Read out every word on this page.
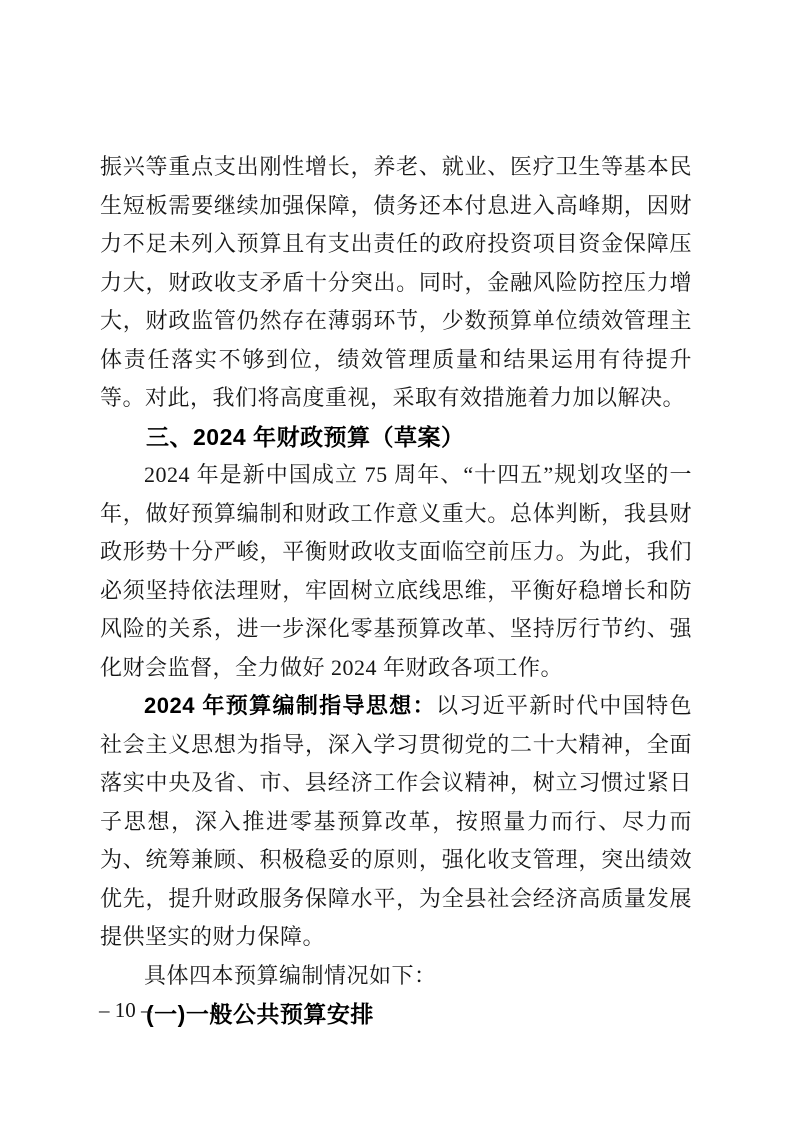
振兴等重点支出刚性增长，养老、就业、医疗卫生等基本民生短板需要继续加强保障，债务还本付息进入高峰期，因财力不足未列入预算且有支出责任的政府投资项目资金保障压力大，财政收支矛盾十分突出。同时，金融风险防控压力增大，财政监管仍然存在薄弱环节，少数预算单位绩效管理主体责任落实不够到位，绩效管理质量和结果运用有待提升等。对此，我们将高度重视，采取有效措施着力加以解决。

三、2024 年财政预算（草案）

2024 年是新中国成立 75 周年、“十四五”规划攻坚的一年，做好预算编制和财政工作意义重大。总体判断，我县财政形势十分严峻，平衡财政收支面临空前压力。为此，我们必须坚持依法理财，牢固树立底线思维，平衡好稳增长和防风险的关系，进一步深化零基预算改革、坚持厉行节约、强化财会监督，全力做好 2024 年财政各项工作。

2024 年预算编制指导思想：以习近平新时代中国特色社会主义思想为指导，深入学习贯彻党的二十大精神，全面落实中央及省、市、县经济工作会议精神，树立习惯过紧日子思想，深入推进零基预算改革，按照量力而行、尽力而为、统筹兼顾、积极稳妥的原则，强化收支管理，突出绩效优先，提升财政服务保障水平，为全县社会经济高质量发展提供坚实的财力保障。

具体四本预算编制情况如下：

(一)一般公共预算安排
– 10 –
